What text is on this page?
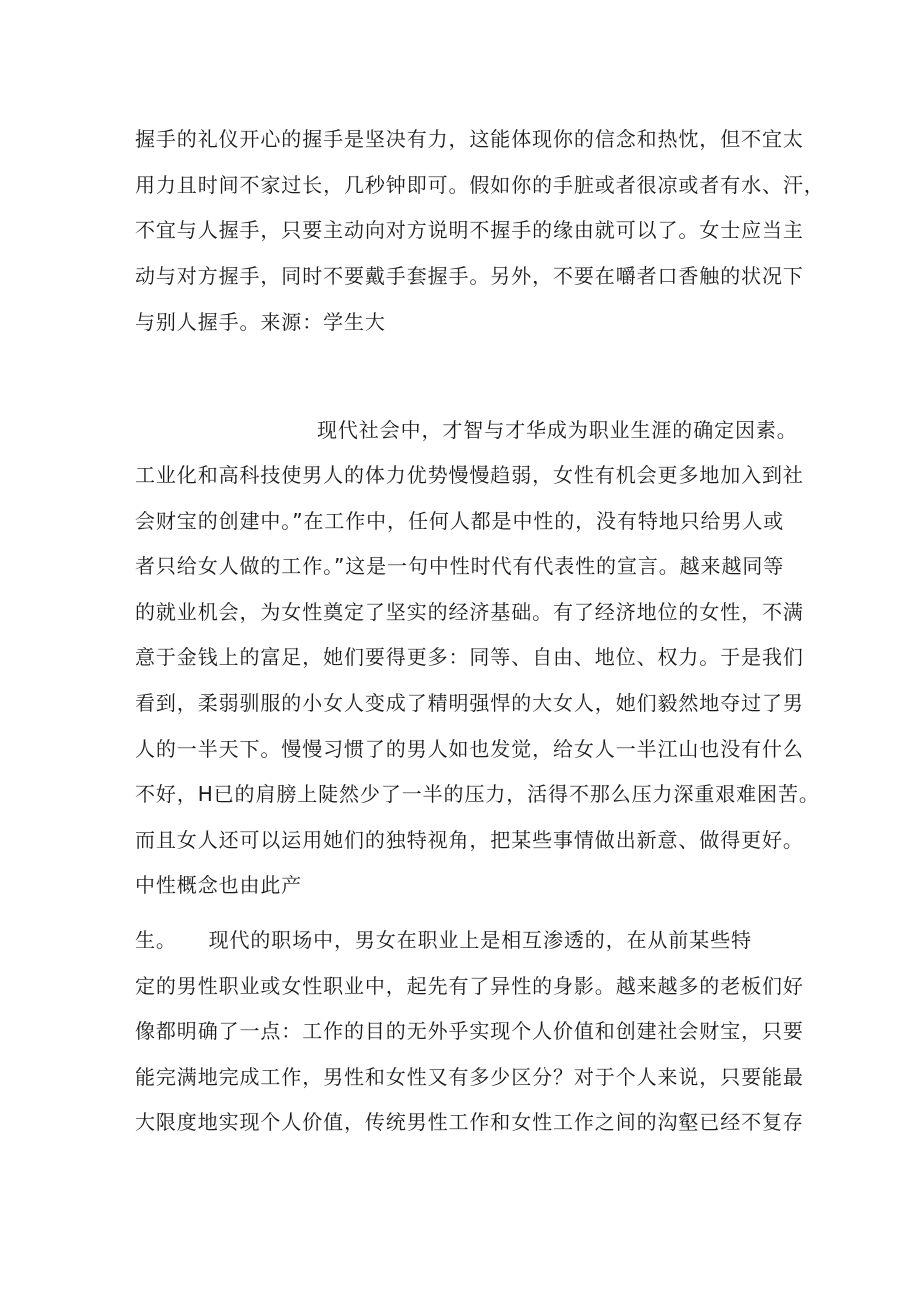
握手的礼仪开心的握手是坚决有力，这能体现你的信念和热忱，但不宜太
用力且时间不家过长，几秒钟即可。假如你的手脏或者很凉或者有水、汗，
不宜与人握手，只要主动向对方说明不握手的缘由就可以了。女士应当主
动与对方握手，同时不要戴手套握手。另外，不要在嚼者口香触的状况下
与别人握手。来源：学生大
现代社会中，才智与才华成为职业生涯的确定因素。
工业化和高科技使男人的体力优势慢慢趋弱，女性有机会更多地加入到社
会财宝的创建中。”在工作中，任何人都是中性的，没有特地只给男人或
者只给女人做的工作。”这是一句中性时代有代表性的宣言。越来越同等
的就业机会，为女性奠定了坚实的经济基础。有了经济地位的女性，不满
意于金钱上的富足，她们要得更多：同等、自由、地位、权力。于是我们
看到，柔弱驯服的小女人变成了精明强悍的大女人，她们毅然地夺过了男
人的一半天下。慢慢习惯了的男人如也发觉，给女人一半江山也没有什么
不好，H已的肩膀上陡然少了一半的压力，活得不那么压力深重艰难困苦。
而且女人还可以运用她们的独特视角，把某些事情做出新意、做得更好。
中性概念也由此产
生。　　现代的职场中，男女在职业上是相互渗透的，在从前某些特
定的男性职业或女性职业中，起先有了异性的身影。越来越多的老板们好
像都明确了一点：工作的目的无外乎实现个人价值和创建社会财宝，只要
能完满地完成工作，男性和女性又有多少区分？对于个人来说，只要能最
大限度地实现个人价值，传统男性工作和女性工作之间的沟壑已经不复存
